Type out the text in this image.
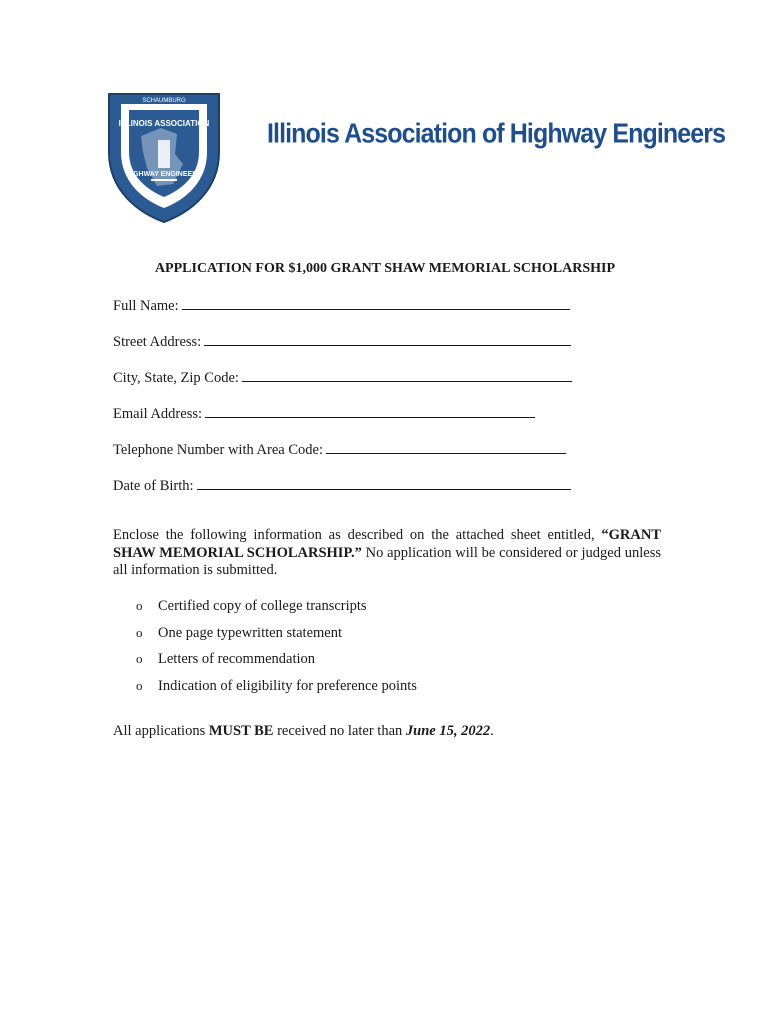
SCHAUMBURG
ILLINOIS ASSOCIATION
HIGHWAY ENGINEERS
Illinois Association of Highway Engineers
APPLICATION FOR $1,000 GRANT SHAW MEMORIAL SCHOLARSHIP
Full Name:
Street Address:
City, State, Zip Code:
Email Address:
Telephone Number with Area Code:
Date of Birth:
Enclose the following information as described on the attached sheet entitled, “GRANT SHAW MEMORIAL SCHOLARSHIP.” No application will be considered or judged unless all information is submitted.
o	Certified copy of college transcripts
o	One page typewritten statement
o	Letters of recommendation
o	Indication of eligibility for preference points
All applications MUST BE received no later than June 15, 2022.
